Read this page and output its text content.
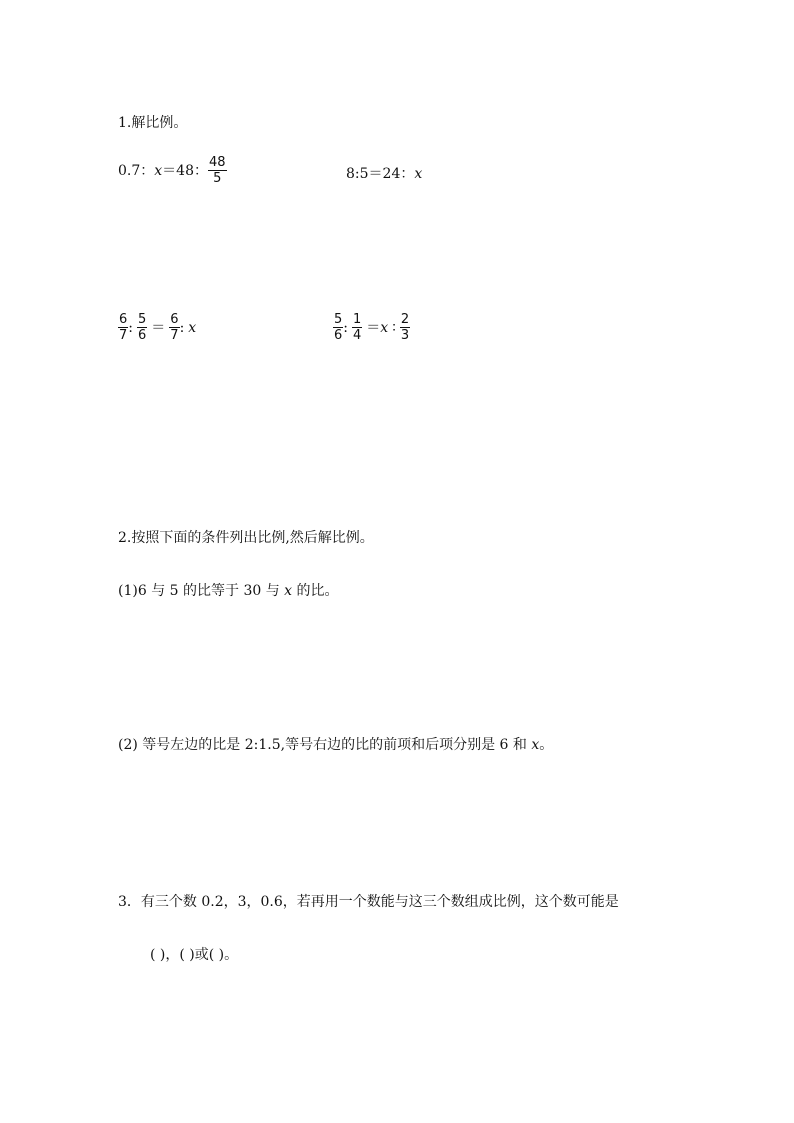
1.解比例。
0.7：x＝48： $\frac{48}{5}$	8:5＝24：x
$\frac{6}{7}$ : $\frac{5}{6} = \frac{6}{7}$ : x	$\frac{5}{6}$ : $\frac{1}{4} =x$ ∶ $\frac{2}{3}$
2.按照下面的条件列出比例,然后解比例。
(1)6 与 5 的比等于 30 与 x 的比。
(2) 等号左边的比是 2:1.5,等号右边的比的前项和后项分别是 6 和 x。
3．有三个数 0.2，3，0.6，若再用一个数能与这三个数组成比例，这个数可能是
( )，( )或( )。
